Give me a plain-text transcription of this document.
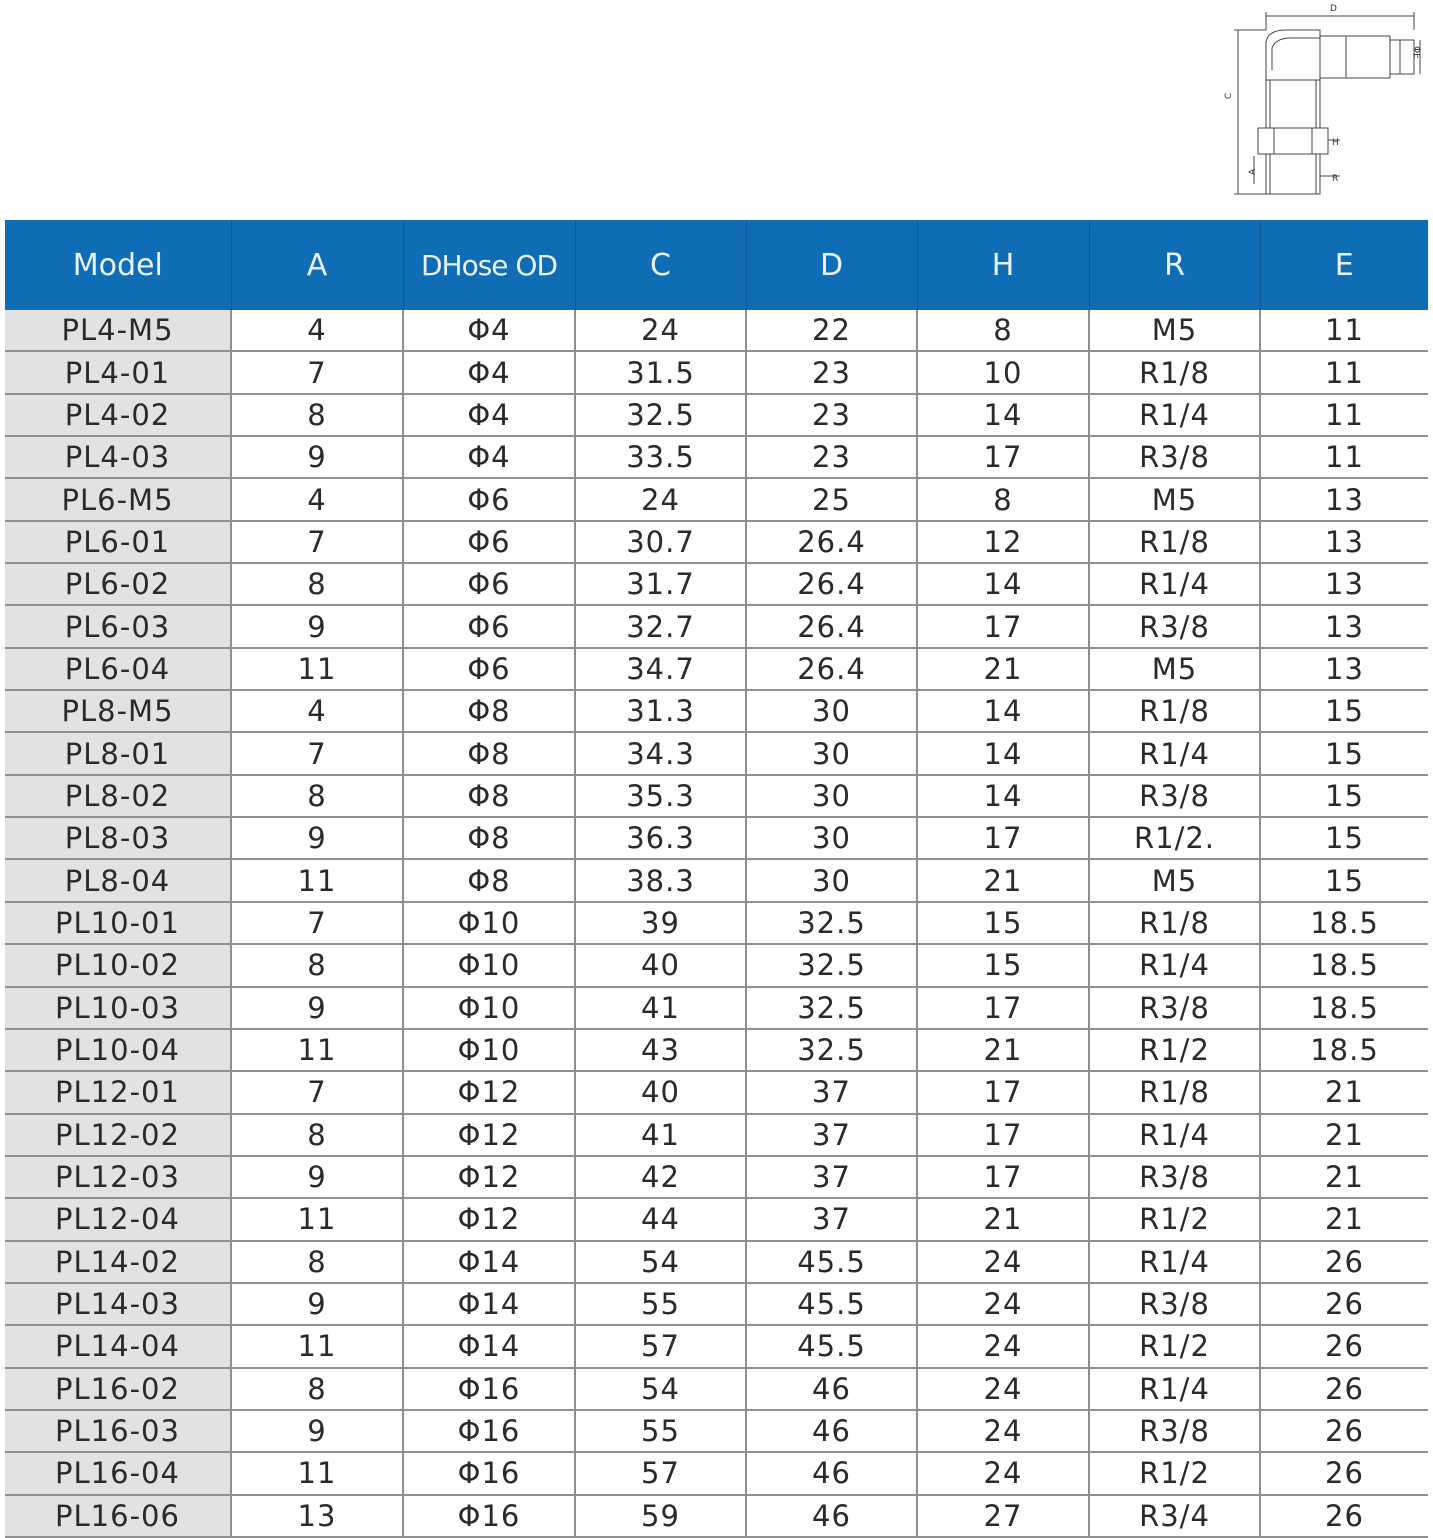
D
ΦE
C
H
R
A
Model	A	DHose OD	C	D	H	R	E
PL4-M5	4	Φ4	24	22	8	M5	11
PL4-01	7	Φ4	31.5	23	10	R1/8	11
PL4-02	8	Φ4	32.5	23	14	R1/4	11
PL4-03	9	Φ4	33.5	23	17	R3/8	11
PL6-M5	4	Φ6	24	25	8	M5	13
PL6-01	7	Φ6	30.7	26.4	12	R1/8	13
PL6-02	8	Φ6	31.7	26.4	14	R1/4	13
PL6-03	9	Φ6	32.7	26.4	17	R3/8	13
PL6-04	11	Φ6	34.7	26.4	21	M5	13
PL8-M5	4	Φ8	31.3	30	14	R1/8	15
PL8-01	7	Φ8	34.3	30	14	R1/4	15
PL8-02	8	Φ8	35.3	30	14	R3/8	15
PL8-03	9	Φ8	36.3	30	17	R1/2.	15
PL8-04	11	Φ8	38.3	30	21	M5	15
PL10-01	7	Φ10	39	32.5	15	R1/8	18.5
PL10-02	8	Φ10	40	32.5	15	R1/4	18.5
PL10-03	9	Φ10	41	32.5	17	R3/8	18.5
PL10-04	11	Φ10	43	32.5	21	R1/2	18.5
PL12-01	7	Φ12	40	37	17	R1/8	21
PL12-02	8	Φ12	41	37	17	R1/4	21
PL12-03	9	Φ12	42	37	17	R3/8	21
PL12-04	11	Φ12	44	37	21	R1/2	21
PL14-02	8	Φ14	54	45.5	24	R1/4	26
PL14-03	9	Φ14	55	45.5	24	R3/8	26
PL14-04	11	Φ14	57	45.5	24	R1/2	26
PL16-02	8	Φ16	54	46	24	R1/4	26
PL16-03	9	Φ16	55	46	24	R3/8	26
PL16-04	11	Φ16	57	46	24	R1/2	26
PL16-06	13	Φ16	59	46	27	R3/4	26
